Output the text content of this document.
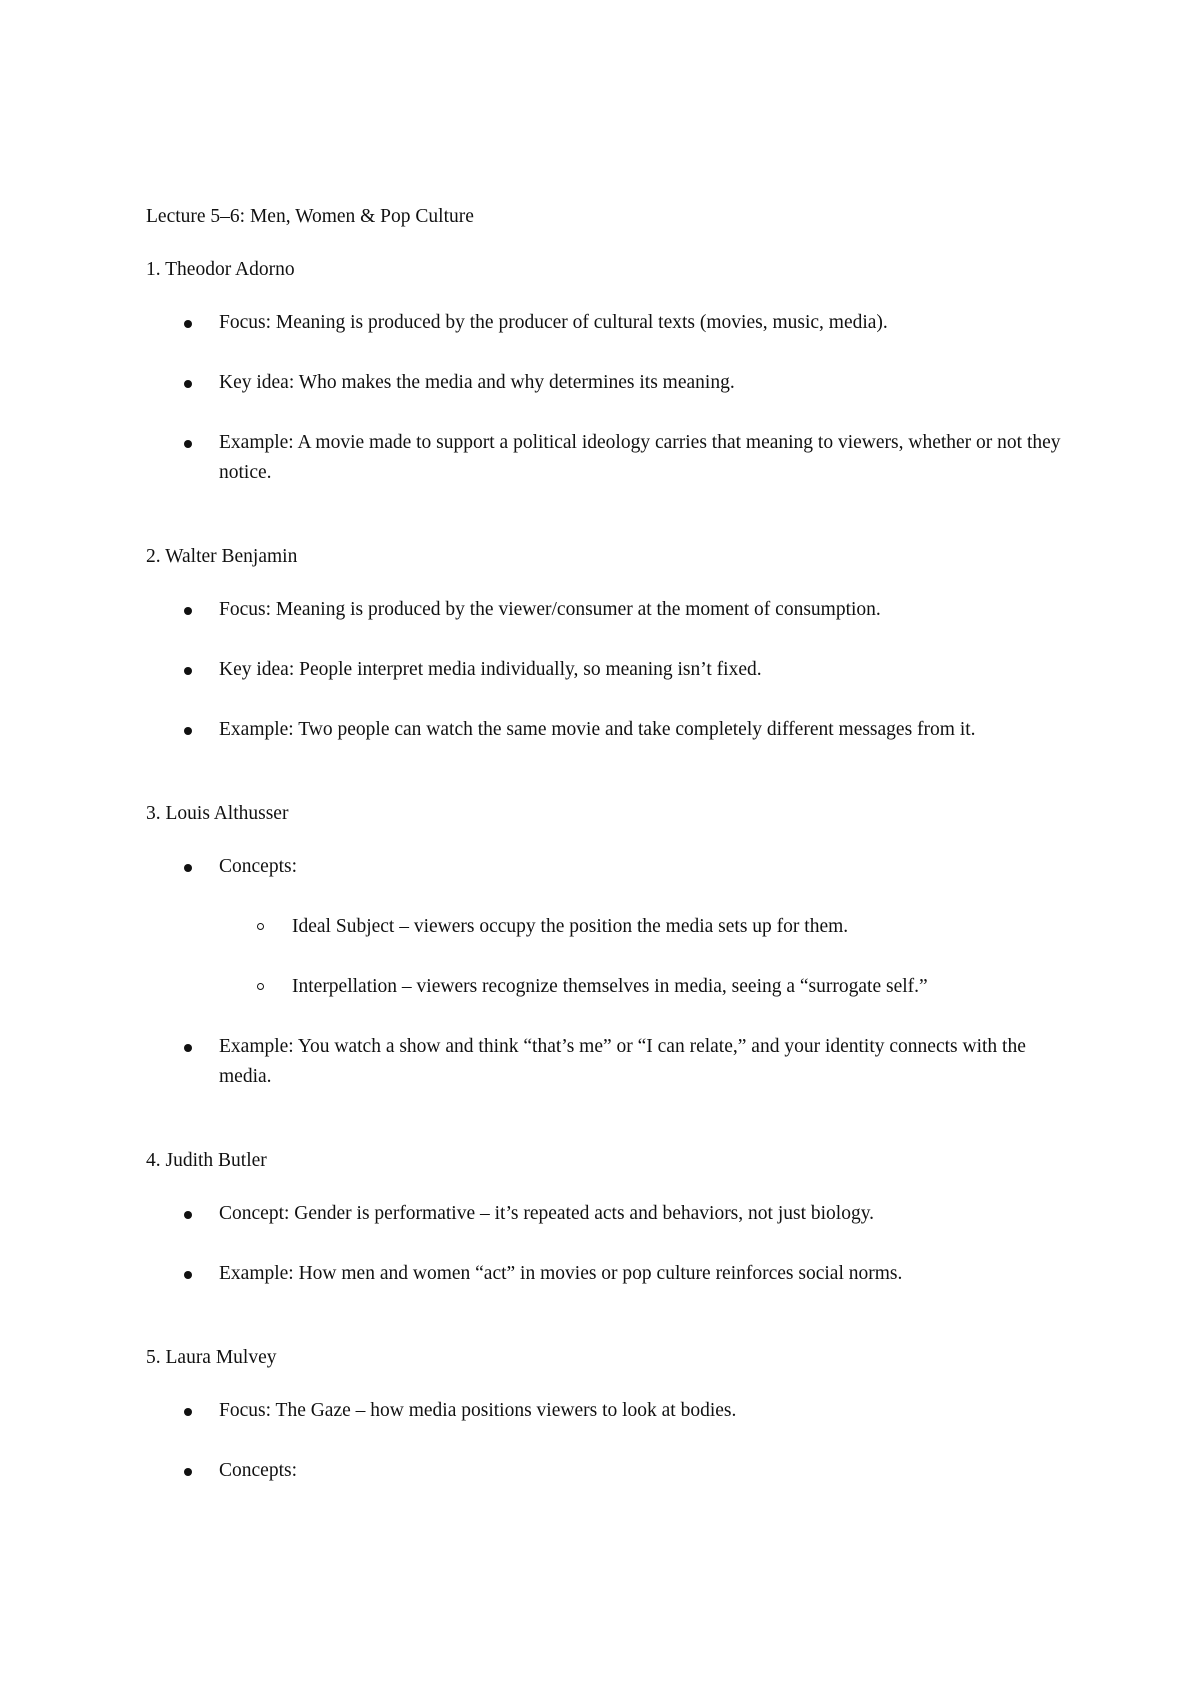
Lecture 5–6: Men, Women & Pop Culture

1. Theodor Adorno

Focus: Meaning is produced by the producer of cultural texts (movies, music, media).
Key idea: Who makes the media and why determines its meaning.
Example: A movie made to support a political ideology carries that meaning to viewers, whether or not they notice.

2. Walter Benjamin

Focus: Meaning is produced by the viewer/consumer at the moment of consumption.
Key idea: People interpret media individually, so meaning isn’t fixed.
Example: Two people can watch the same movie and take completely different messages from it.

3. Louis Althusser

Concepts:
Ideal Subject – viewers occupy the position the media sets up for them.
Interpellation – viewers recognize themselves in media, seeing a “surrogate self.”
Example: You watch a show and think “that’s me” or “I can relate,” and your identity connects with the media.

4. Judith Butler

Concept: Gender is performative – it’s repeated acts and behaviors, not just biology.
Example: How men and women “act” in movies or pop culture reinforces social norms.

5. Laura Mulvey

Focus: The Gaze – how media positions viewers to look at bodies.
Concepts:
